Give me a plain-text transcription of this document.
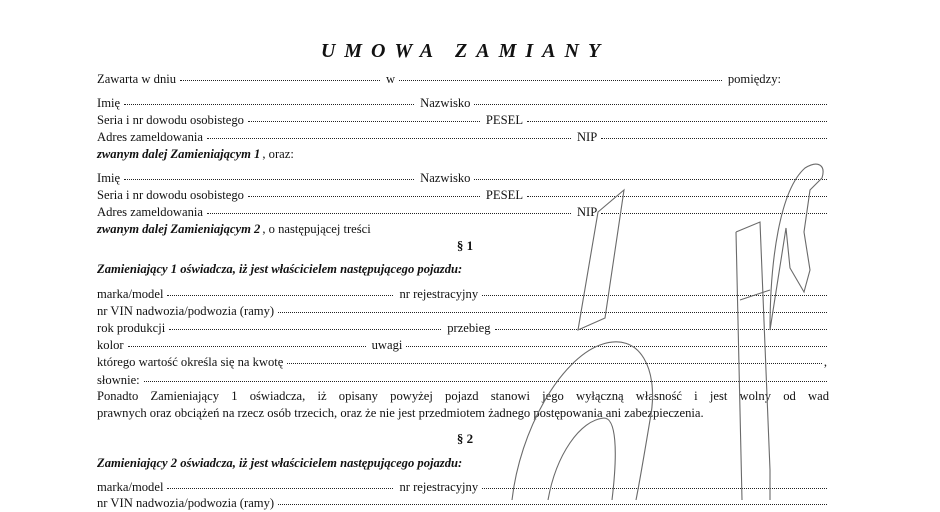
UMOWA ZAMIANY
Zawarta w dniu	w	pomiędzy:
Imię	Nazwisko
Seria i nr dowodu osobistego	PESEL
Adres zameldowania	NIP
zwanym dalej Zamieniającym 1 , oraz:
Imię	Nazwisko
Seria i nr dowodu osobistego	PESEL
Adres zameldowania	NIP
zwanym dalej Zamieniającym 2 , o następującej treści
§ 1
Zamieniający 1 oświadcza, iż jest właścicielem następującego pojazdu:
marka/model	nr rejestracyjny
nr VIN nadwozia/podwozia (ramy)
rok produkcji	przebieg
kolor	uwagi
którego wartość określa się na kwotę	,
słownie:
Ponadto Zamieniający 1 oświadcza, iż opisany powyżej pojazd stanowi jego wyłączną własność i jest wolny od wad
prawnych oraz obciążeń na rzecz osób trzecich, oraz że nie jest przedmiotem żadnego postępowania ani zabezpieczenia.
§ 2
Zamieniający 2 oświadcza, iż jest właścicielem następującego pojazdu:
marka/model	nr rejestracyjny
nr VIN nadwozia/podwozia (ramy)
